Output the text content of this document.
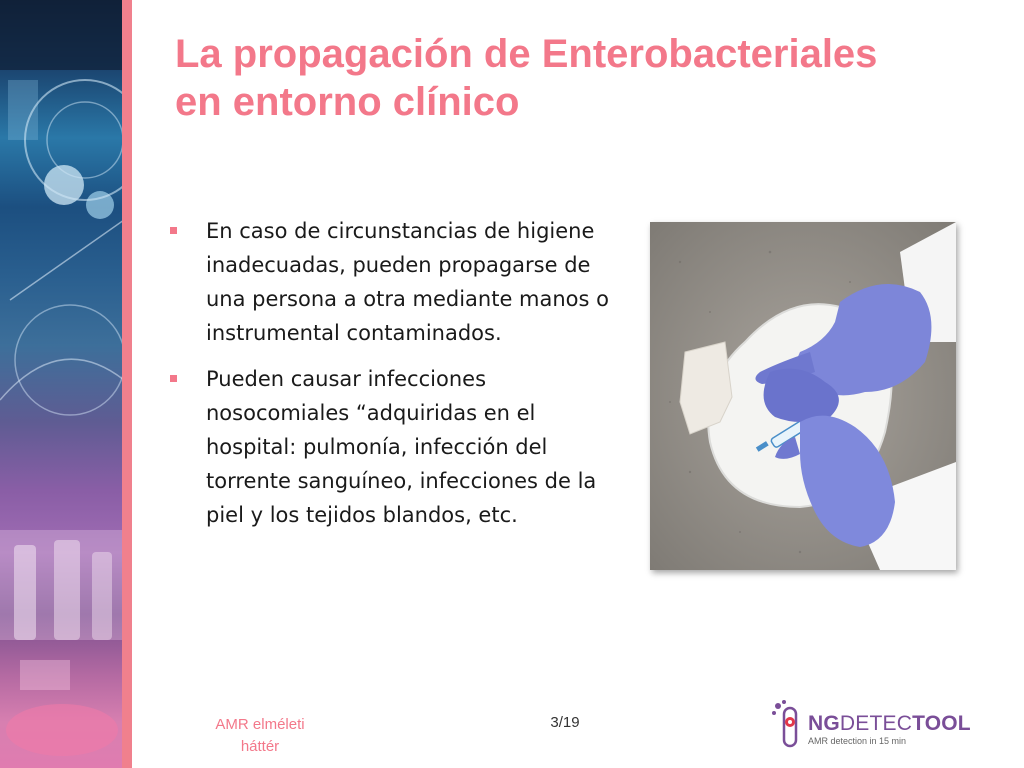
La propagación de Enterobacteriales
en entorno clínico
En caso de circunstancias de higiene inadecuadas, pueden propagarse de una persona a otra mediante manos o instrumental contaminados.
Pueden causar infecciones nosocomiales “adquiridas en el hospital: pulmonía, infección del torrente sanguíneo, infecciones de la piel y los tejidos blandos, etc.
AMR elméleti háttér
3/19	NGDETECTOOL
AMR detection in 15 min
